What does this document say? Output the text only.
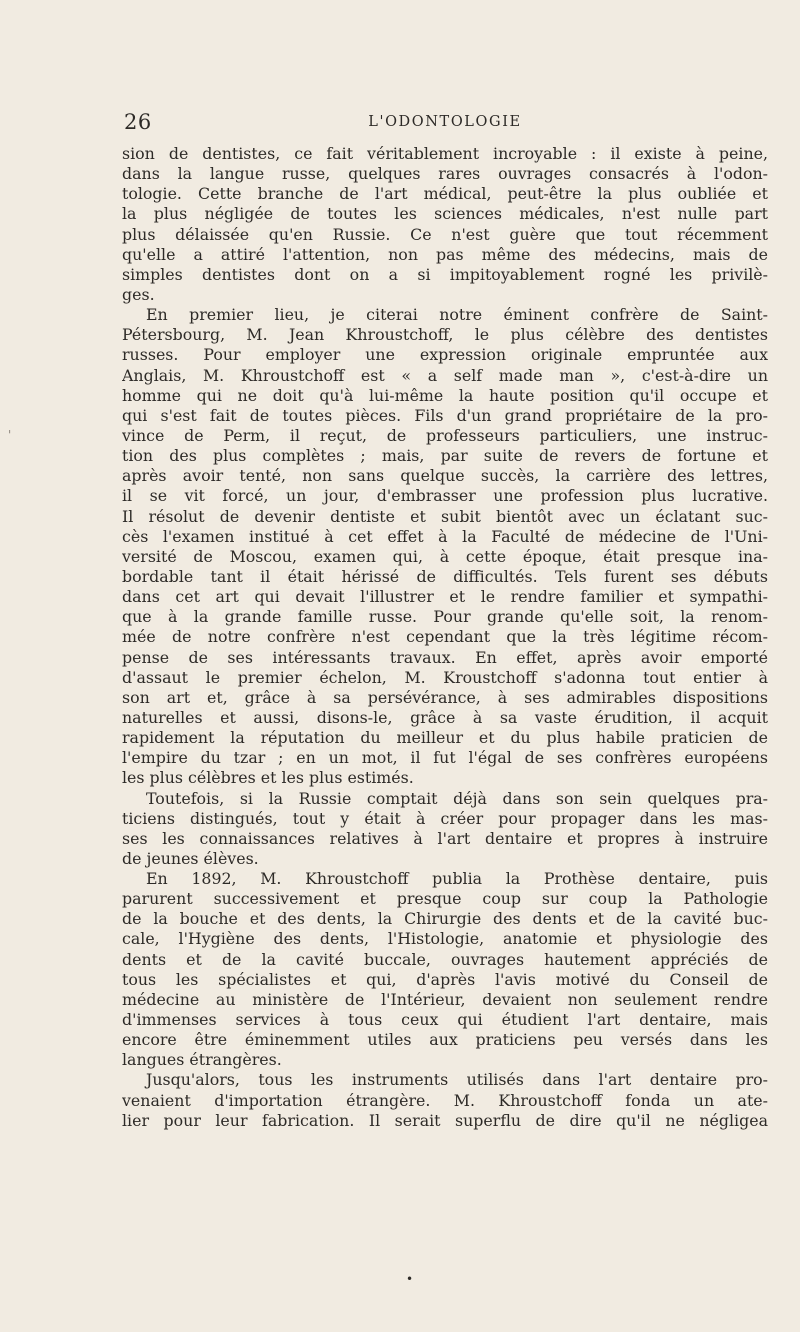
26	L'ODONTOLOGIE
sion de dentistes, ce fait véritablement incroyable : il existe à peine,
dans la langue russe, quelques rares ouvrages consacrés à l'odon-
tologie. Cette branche de l'art médical, peut-être la plus oubliée et
la plus négligée de toutes les sciences médicales, n'est nulle part
plus délaissée qu'en Russie. Ce n'est guère que tout récemment
qu'elle a attiré l'attention, non pas même des médecins, mais de
simples dentistes dont on a si impitoyablement rogné les privilè-
ges.
En premier lieu, je citerai notre éminent confrère de Saint-
Pétersbourg, M. Jean Khroustchoff, le plus célèbre des dentistes
russes. Pour employer une expression originale empruntée aux
Anglais, M. Khroustchoff est « a self made man », c'est-à-dire un
homme qui ne doit qu'à lui-même la haute position qu'il occupe et
qui s'est fait de toutes pièces. Fils d'un grand propriétaire de la pro-
vince de Perm, il reçut, de professeurs particuliers, une instruc-
tion des plus complètes ; mais, par suite de revers de fortune et
après avoir tenté, non sans quelque succès, la carrière des lettres,
il se vit forcé, un jour, d'embrasser une profession plus lucrative.
Il résolut de devenir dentiste et subit bientôt avec un éclatant suc-
cès l'examen institué à cet effet à la Faculté de médecine de l'Uni-
versité de Moscou, examen qui, à cette époque, était presque ina-
bordable tant il était hérissé de difficultés. Tels furent ses débuts
dans cet art qui devait l'illustrer et le rendre familier et sympathi-
que à la grande famille russe. Pour grande qu'elle soit, la renom-
mée de notre confrère n'est cependant que la très légitime récom-
pense de ses intéressants travaux. En effet, après avoir emporté
d'assaut le premier échelon, M. Kroustchoff s'adonna tout entier à
son art et, grâce à sa persévérance, à ses admirables dispositions
naturelles et aussi, disons-le, grâce à sa vaste érudition, il acquit
rapidement la réputation du meilleur et du plus habile praticien de
l'empire du tzar ; en un mot, il fut l'égal de ses confrères européens
les plus célèbres et les plus estimés.
Toutefois, si la Russie comptait déjà dans son sein quelques pra-
ticiens distingués, tout y était à créer pour propager dans les mas-
ses les connaissances relatives à l'art dentaire et propres à instruire
de jeunes élèves.
En 1892, M. Khroustchoff publia la Prothèse dentaire, puis
parurent successivement et presque coup sur coup la Pathologie
de la bouche et des dents, la Chirurgie des dents et de la cavité buc-
cale, l'Hygiène des dents, l'Histologie, anatomie et physiologie des
dents et de la cavité buccale, ouvrages hautement appréciés de
tous les spécialistes et qui, d'après l'avis motivé du Conseil de
médecine au ministère de l'Intérieur, devaient non seulement rendre
d'immenses services à tous ceux qui étudient l'art dentaire, mais
encore être éminemment utiles aux praticiens peu versés dans les
langues étrangères.
Jusqu'alors, tous les instruments utilisés dans l'art dentaire pro-
venaient d'importation étrangère. M. Khroustchoff fonda un ate-
lier pour leur fabrication. Il serait superflu de dire qu'il ne négligea
'
•
